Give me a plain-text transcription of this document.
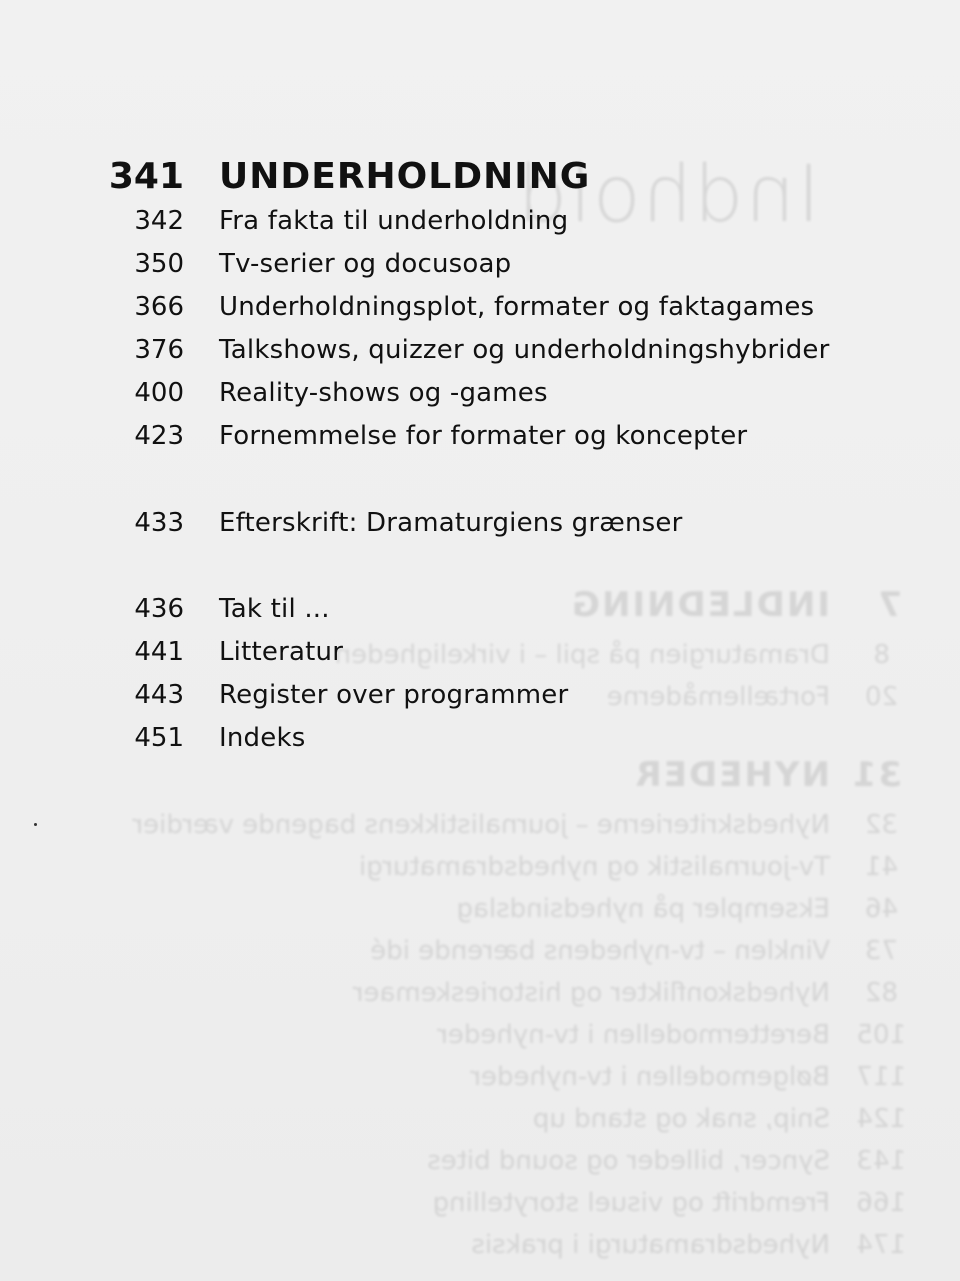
Indhold
7
INDLEDNING
8
Dramaturgien på spil – i virkeligheden
20
Fortællemåderne
31
NYHEDER
32
Nyhedskriterierne – journalistikkens bagende værdier
41
Tv-journalistik og nyhedsdramaturgi
46
Eksempler på nyhedsindslag
73
Vinklen – tv-nyhedens bærende idé
82
Nyhedskonflikter og historieskemaer
105
Berettermodellen i tv-nyheder
117
Bølgemodellen i tv-nyheder
124
Snip, snak og stand up
143
Syncer, billeder og sound bites
166
Fremdrift og visuel storytelling
174
Nyhedsdramaturgi i praksis
341 UNDERHOLDNING
342 Fra fakta til underholdning
350 Tv-serier og docusoap
366 Underholdningsplot, formater og faktagames
376 Talkshows, quizzer og underholdningshybrider
400 Reality-shows og -games
423 Fornemmelse for formater og koncepter
433 Efterskrift: Dramaturgiens grænser
436 Tak til ...
441 Litteratur
443 Register over programmer
451 Indeks
